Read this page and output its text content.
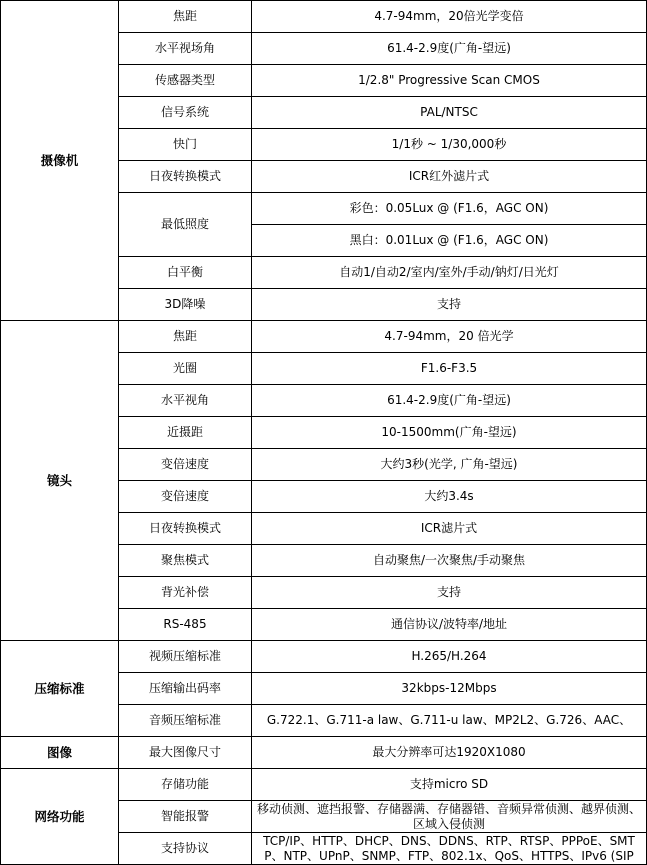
摄像机	焦距	4.7-94mm，20倍光学变倍
	水平视场角	61.4-2.9度(广角-望远)
	传感器类型	1/2.8" Progressive Scan CMOS
	信号系统	PAL/NTSC
	快门	1/1秒 ~ 1/30,000秒
	日夜转换模式	ICR红外滤片式
	最低照度	彩色：0.05Lux @ (F1.6，AGC ON)
		黑白：0.01Lux @ (F1.6，AGC ON)
	白平衡	自动1/自动2/室内/室外/手动/钠灯/日光灯
	3D降噪	支持
镜头	焦距	4.7-94mm，20 倍光学
	光圈	F1.6-F3.5
	水平视角	61.4-2.9度(广角-望远)
	近摄距	10-1500mm(广角-望远)
	变倍速度	大约3秒(光学, 广角-望远)
	变倍速度	大约3.4s
	日夜转换模式	ICR滤片式
	聚焦模式	自动聚焦/一次聚焦/手动聚焦
	背光补偿	支持
	RS-485	通信协议/波特率/地址
压缩标准	视频压缩标准	H.265/H.264
	压缩输出码率	32kbps-12Mbps
	音频压缩标准	G.722.1、G.711-a law、G.711-u law、MP2L2、G.726、AAC、
图像	最大图像尺寸	最大分辨率可达1920X1080
网络功能	存储功能	支持micro SD
	智能报警	移动侦测、遮挡报警、存储器满、存储器错、音频异常侦测、越界侦测、区域入侵侦测

	支持协议	TCP/IP、HTTP、DHCP、DNS、DDNS、RTP、RTSP、PPPoE、SMTP、NTP、UPnP、SNMP、FTP、802.1x、QoS、HTTPS、IPv6 (SIP
